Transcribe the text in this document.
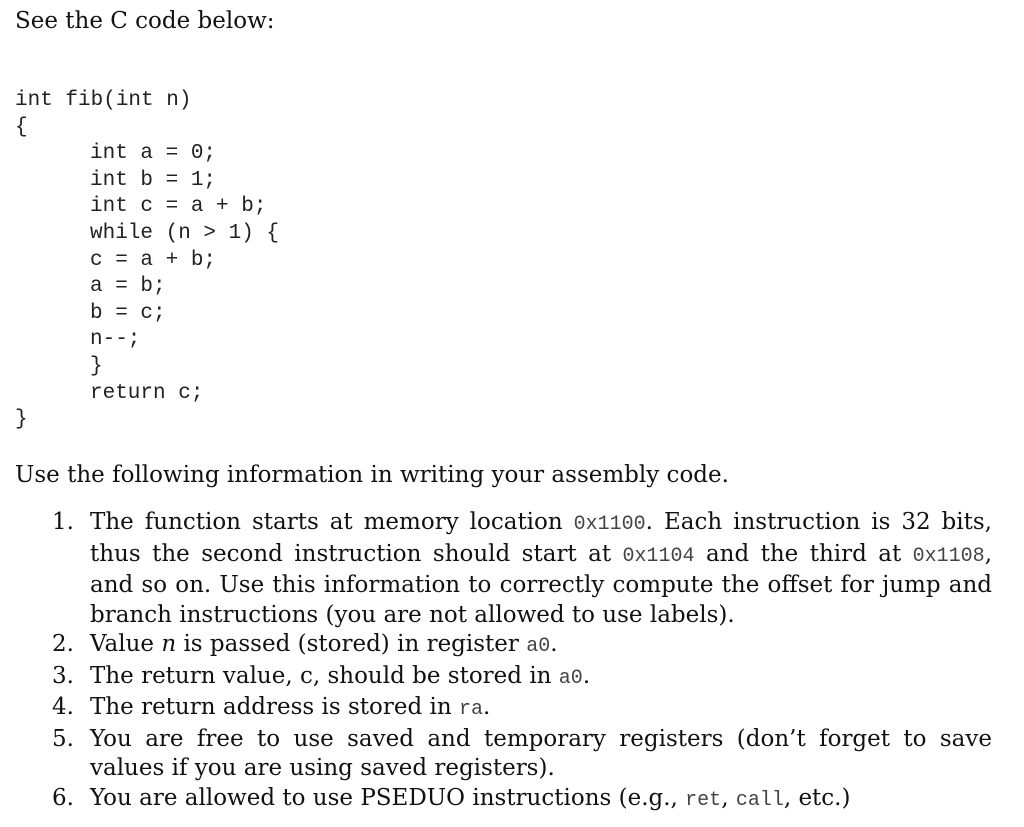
See the C code below:

int fib(int n)
{
int a = 0;
int b = 1;
int c = a + b;
while (n > 1) {
c = a + b;
a = b;
b = c;
n--;
}
return c;
}

Use the following information in writing your assembly code.

1. The function starts at memory location 0x1100. Each instruction is 32 bits, thus the second instruction should start at 0x1104 and the third at 0x1108, and so on. Use this information to correctly compute the offset for jump and branch instructions (you are not allowed to use labels).
2. Value n is passed (stored) in register a0.
3. The return value, c, should be stored in a0.
4. The return address is stored in ra.
5. You are free to use saved and temporary registers (don’t forget to save values if you are using saved registers).
6. You are allowed to use PSEDUO instructions (e.g., ret, call, etc.)
